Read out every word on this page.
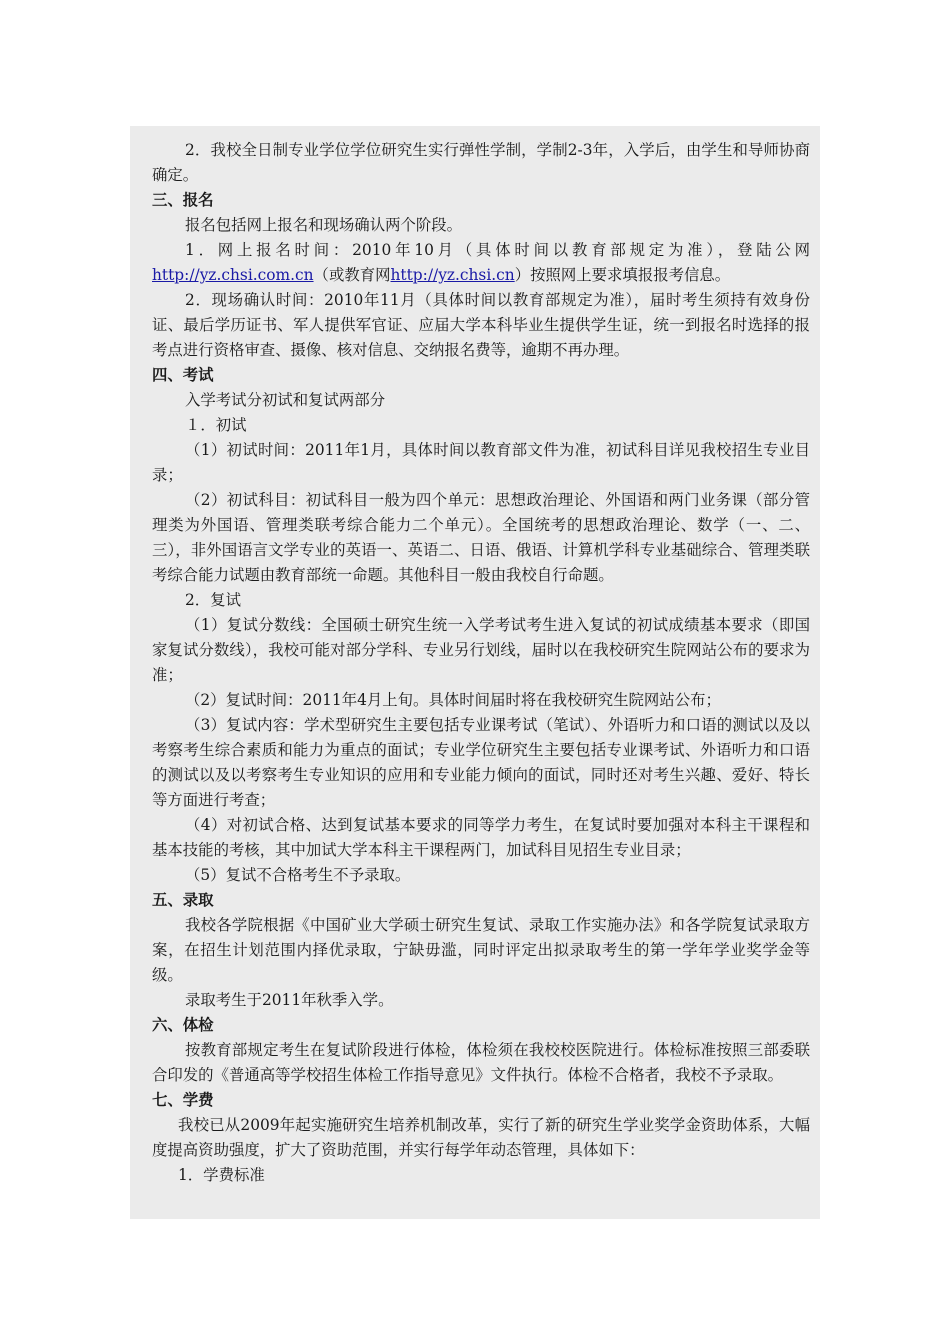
2．我校全日制专业学位学位研究生实行弹性学制，学制2-3年，入学后，由学生和导师协商确定。

三、报名

报名包括网上报名和现场确认两个阶段。

1．网上报名时间：2010年10月（具体时间以教育部规定为准），登陆公网http://yz.chsi.com.cn（或教育网http://yz.chsi.cn）按照网上要求填报报考信息。

2．现场确认时间：2010年11月（具体时间以教育部规定为准），届时考生须持有效身份证、最后学历证书、军人提供军官证、应届大学本科毕业生提供学生证，统一到报名时选择的报考点进行资格审查、摄像、核对信息、交纳报名费等，逾期不再办理。

四、考试

入学考试分初试和复试两部分

１．初试

（1）初试时间：2011年1月，具体时间以教育部文件为准，初试科目详见我校招生专业目录；

（2）初试科目：初试科目一般为四个单元：思想政治理论、外国语和两门业务课（部分管理类为外国语、管理类联考综合能力二个单元）。全国统考的思想政治理论、数学（一、二、三），非外国语言文学专业的英语一、英语二、日语、俄语、计算机学科专业基础综合、管理类联考综合能力试题由教育部统一命题。其他科目一般由我校自行命题。

2．复试

（1）复试分数线：全国硕士研究生统一入学考试考生进入复试的初试成绩基本要求（即国家复试分数线），我校可能对部分学科、专业另行划线，届时以在我校研究生院网站公布的要求为准；

（2）复试时间：2011年4月上旬。具体时间届时将在我校研究生院网站公布；

（3）复试内容：学术型研究生主要包括专业课考试（笔试）、外语听力和口语的测试以及以考察考生综合素质和能力为重点的面试；专业学位研究生主要包括专业课考试、外语听力和口语的测试以及以考察考生专业知识的应用和专业能力倾向的面试，同时还对考生兴趣、爱好、特长等方面进行考查；

（4）对初试合格、达到复试基本要求的同等学力考生，在复试时要加强对本科主干课程和基本技能的考核，其中加试大学本科主干课程两门，加试科目见招生专业目录；

（5）复试不合格考生不予录取。

五、录取

我校各学院根据《中国矿业大学硕士研究生复试、录取工作实施办法》和各学院复试录取方案，在招生计划范围内择优录取，宁缺毋滥，同时评定出拟录取考生的第一学年学业奖学金等级。

录取考生于2011年秋季入学。

六、体检

按教育部规定考生在复试阶段进行体检，体检须在我校校医院进行。体检标准按照三部委联合印发的《普通高等学校招生体检工作指导意见》文件执行。体检不合格者，我校不予录取。

七、学费

我校已从2009年起实施研究生培养机制改革，实行了新的研究生学业奖学金资助体系，大幅度提高资助强度，扩大了资助范围，并实行每学年动态管理，具体如下：

1．学费标准
